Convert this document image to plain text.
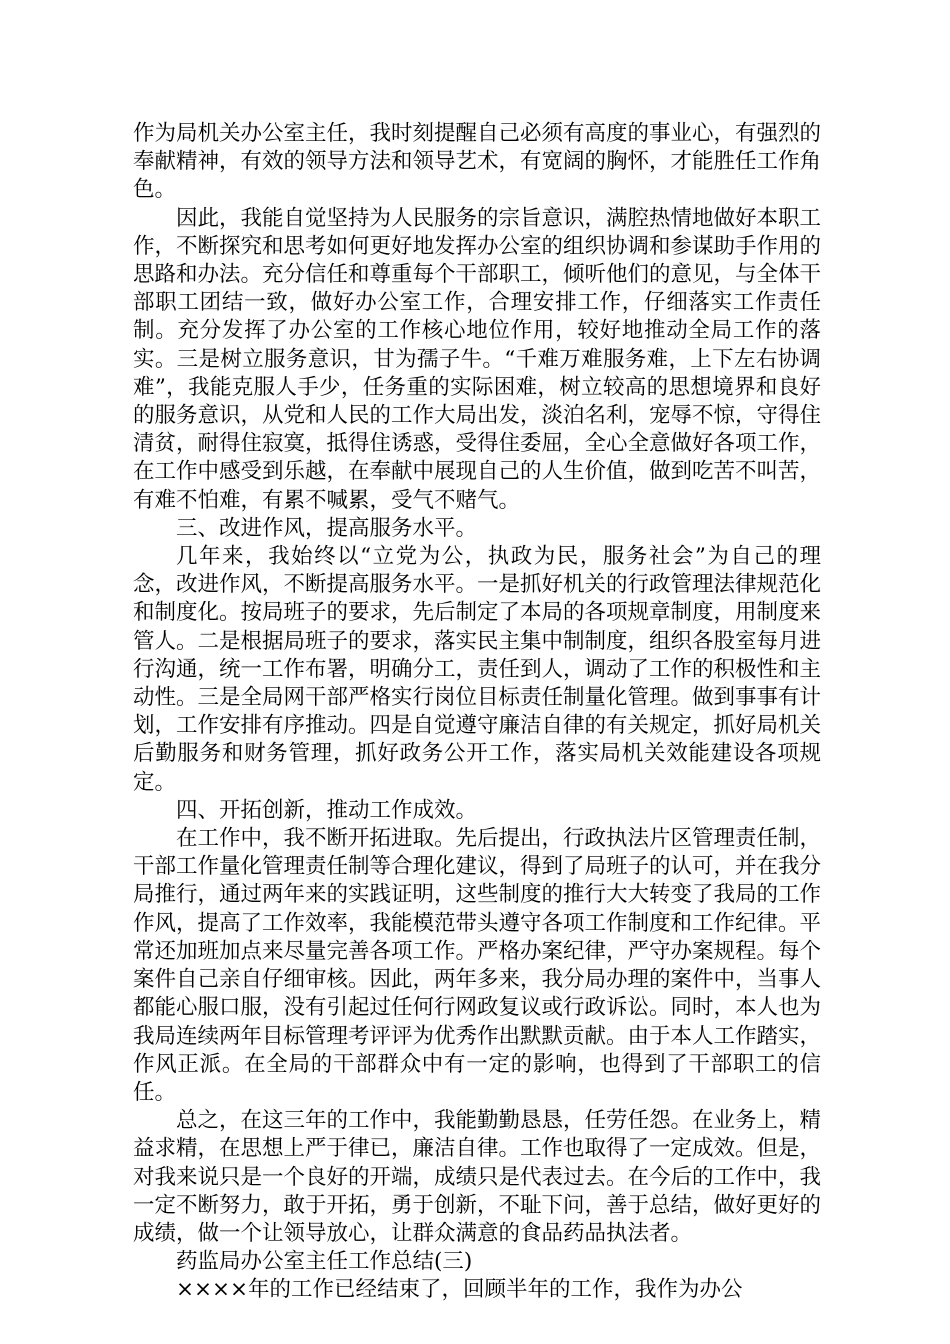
作为局机关办公室主任，我时刻提醒自己必须有高度的事业心，有强烈的奉献精神，有效的领导方法和领导艺术，有宽阔的胸怀，才能胜任工作角色。

因此，我能自觉坚持为人民服务的宗旨意识，满腔热情地做好本职工作，不断探究和思考如何更好地发挥办公室的组织协调和参谋助手作用的思路和办法。充分信任和尊重每个干部职工，倾听他们的意见，与全体干部职工团结一致，做好办公室工作，合理安排工作，仔细落实工作责任制。充分发挥了办公室的工作核心地位作用，较好地推动全局工作的落实。三是树立服务意识，甘为孺子牛。“千难万难服务难，上下左右协调难”，我能克服人手少，任务重的实际困难，树立较高的思想境界和良好的服务意识，从党和人民的工作大局出发，淡泊名利，宠辱不惊，守得住清贫，耐得住寂寞，抵得住诱惑，受得住委屈，全心全意做好各项工作，在工作中感受到乐越，在奉献中展现自己的人生价值，做到吃苦不叫苦，有难不怕难，有累不喊累，受气不赌气。

三、改进作风，提高服务水平。

几年来，我始终以“立党为公，执政为民，服务社会”为自己的理念，改进作风，不断提高服务水平。一是抓好机关的行政管理法律规范化和制度化。按局班子的要求，先后制定了本局的各项规章制度，用制度来管人。二是根据局班子的要求，落实民主集中制制度，组织各股室每月进行沟通，统一工作布署，明确分工，责任到人，调动了工作的积极性和主动性。三是全局网干部严格实行岗位目标责任制量化管理。做到事事有计划，工作安排有序推动。四是自觉遵守廉洁自律的有关规定，抓好局机关后勤服务和财务管理，抓好政务公开工作，落实局机关效能建设各项规定。

四、开拓创新，推动工作成效。

在工作中，我不断开拓进取。先后提出，行政执法片区管理责任制，干部工作量化管理责任制等合理化建议，得到了局班子的认可，并在我分局推行，通过两年来的实践证明，这些制度的推行大大转变了我局的工作作风，提高了工作效率，我能模范带头遵守各项工作制度和工作纪律。平常还加班加点来尽量完善各项工作。严格办案纪律，严守办案规程。每个案件自己亲自仔细审核。因此，两年多来，我分局办理的案件中，当事人都能心服口服，没有引起过任何行网政复议或行政诉讼。同时，本人也为我局连续两年目标管理考评评为优秀作出默默贡献。由于本人工作踏实，作风正派。在全局的干部群众中有一定的影响，也得到了干部职工的信任。

总之，在这三年的工作中，我能勤勤恳恳，任劳任怨。在业务上，精益求精，在思想上严于律已，廉洁自律。工作也取得了一定成效。但是，对我来说只是一个良好的开端，成绩只是代表过去。在今后的工作中，我一定不断努力，敢于开拓，勇于创新，不耻下问，善于总结，做好更好的成绩，做一个让领导放心，让群众满意的食品药品执法者。

药监局办公室主任工作总结(三)

××××年的工作已经结束了，回顾半年的工作，我作为办公
